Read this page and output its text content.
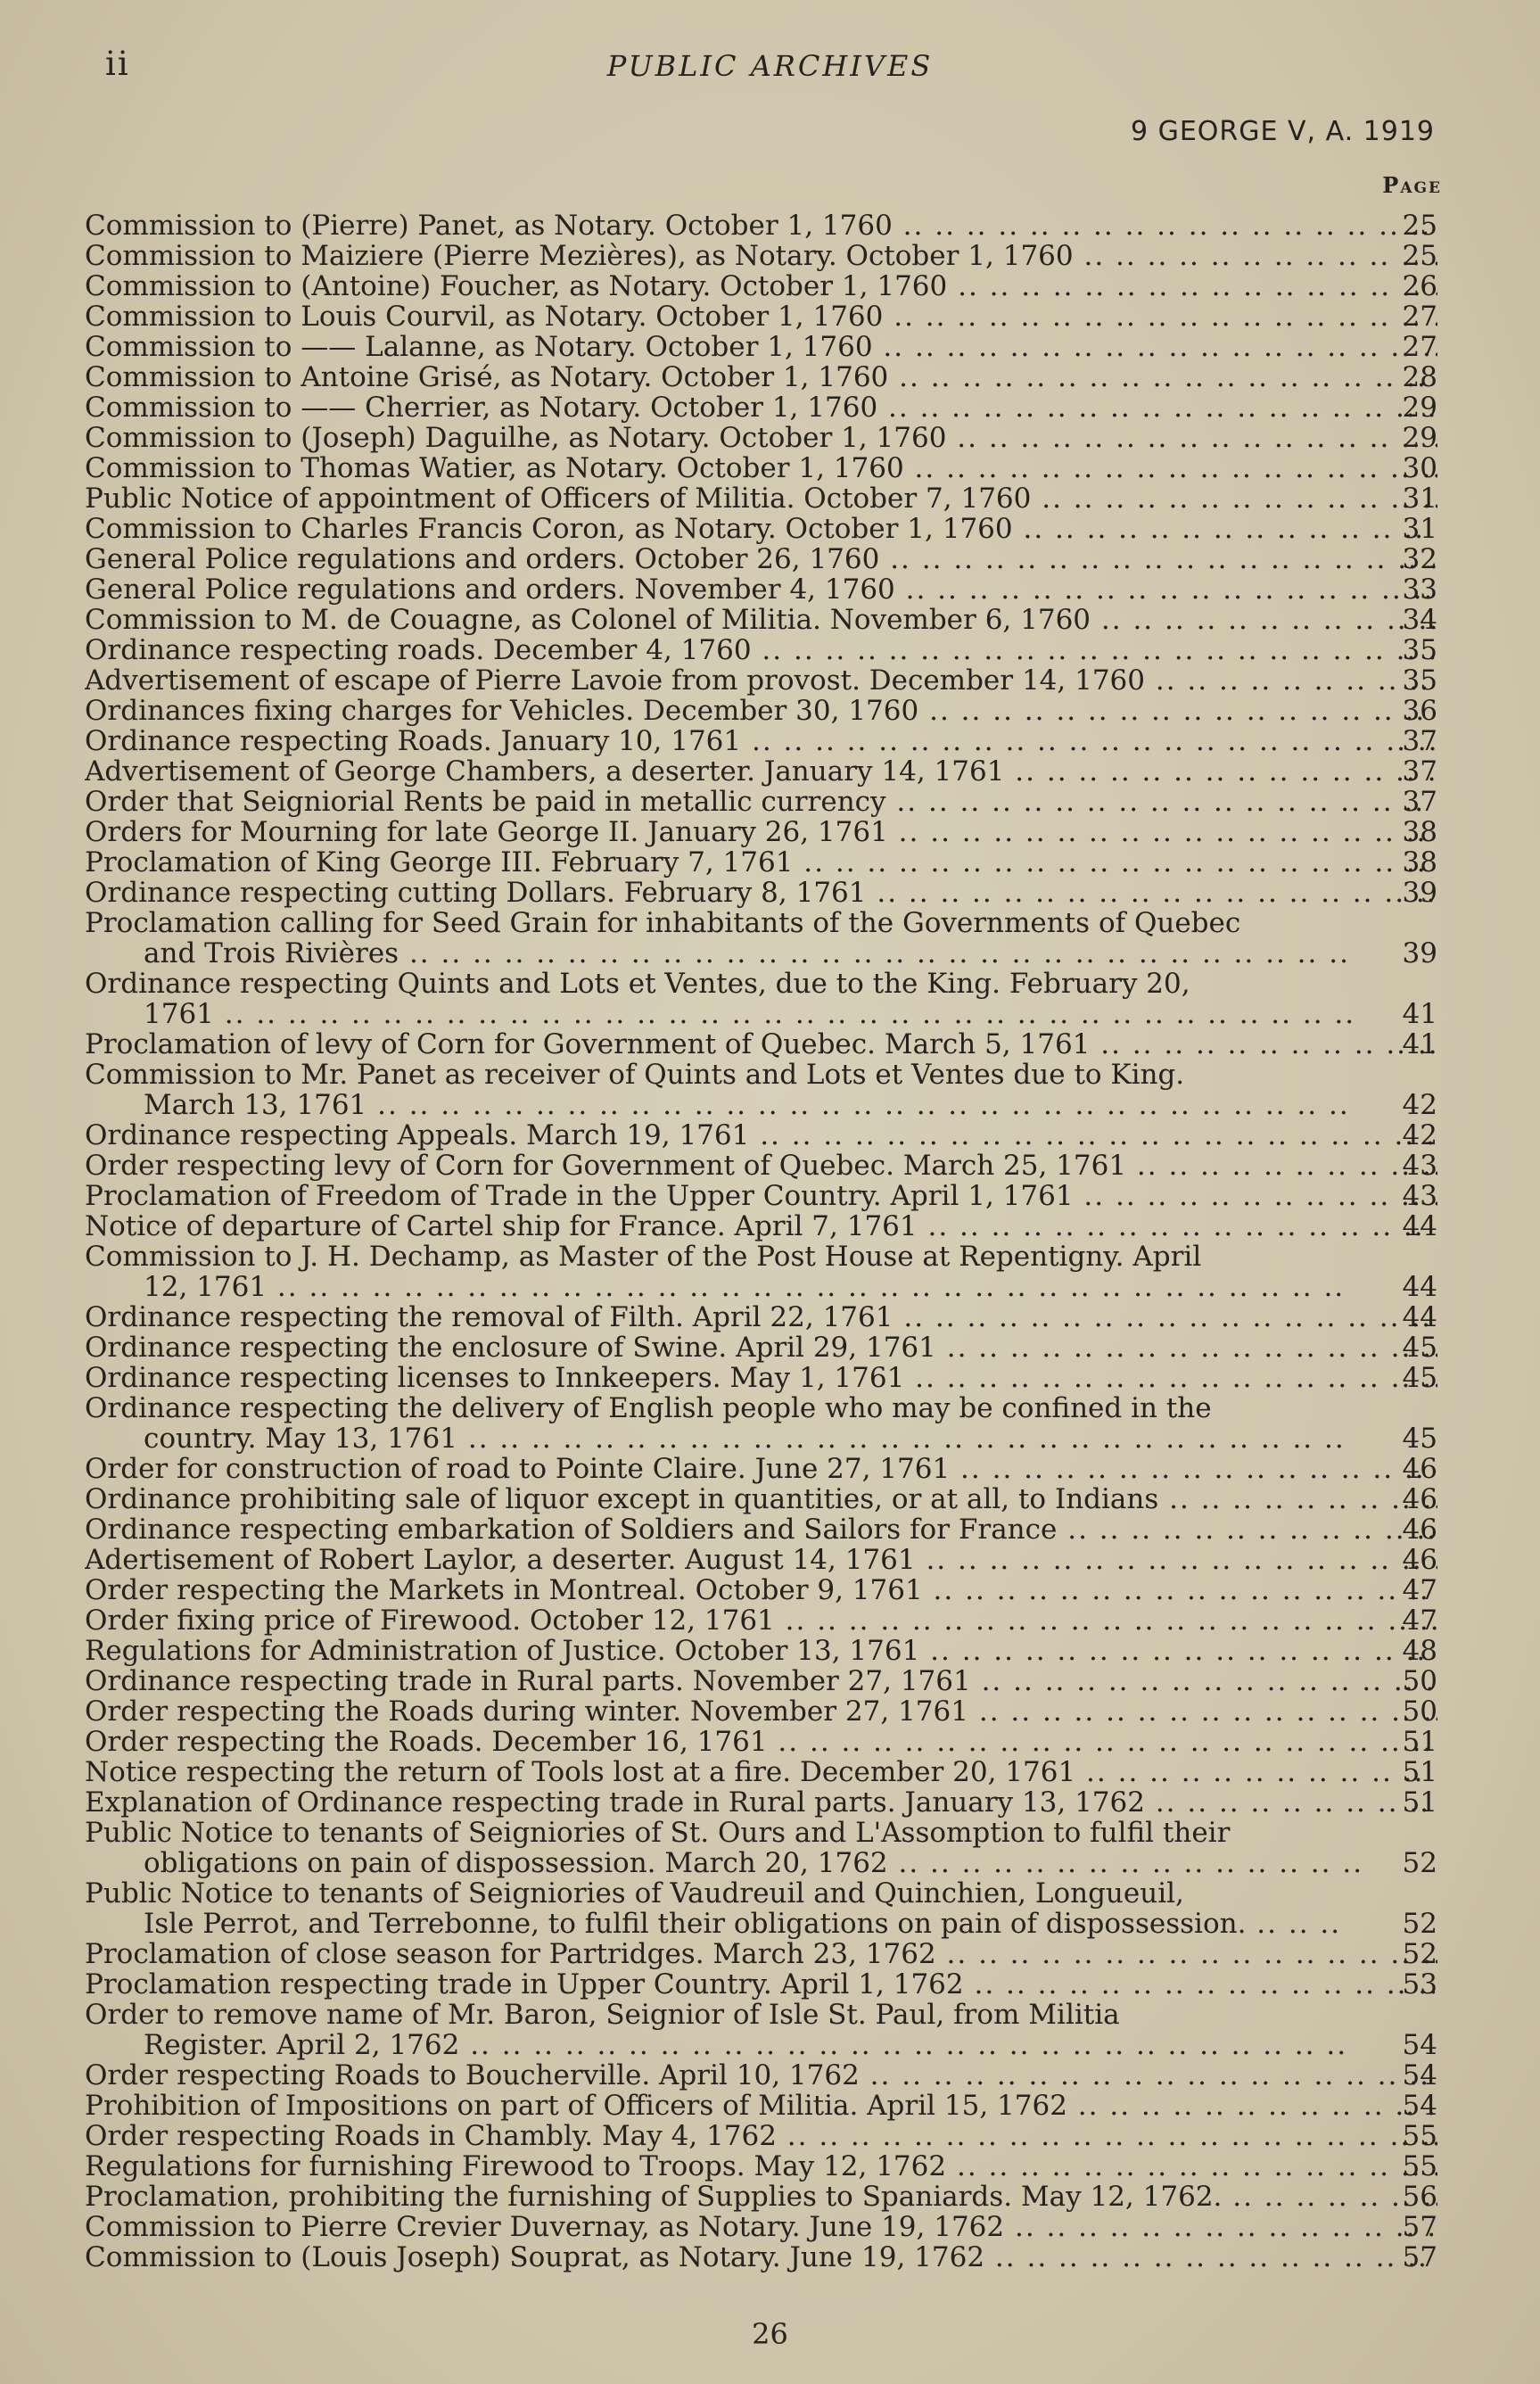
ii	PUBLIC ARCHIVES
9 GEORGE V, A. 1919
Page
Commission to (Pierre) Panet, as Notary. October 1, 1760 .. ..	25
Commission to Maiziere (Pierre Mezières), as Notary. October 1, 1760 .. ..	25
Commission to (Antoine) Foucher, as Notary. October 1, 1760 .. ..	26
Commission to Louis Courvil, as Notary. October 1, 1760 .. ..	27
Commission to —— Lalanne, as Notary. October 1, 1760 .. ..	27
Commission to Antoine Grisé, as Notary. October 1, 1760 .. ..	28
Commission to —— Cherrier, as Notary. October 1, 1760 .. ..	29
Commission to (Joseph) Daguilhe, as Notary. October 1, 1760 .. ..	29
Commission to Thomas Watier, as Notary. October 1, 1760 .. ..	30
Public Notice of appointment of Officers of Militia. October 7, 1760 .. ..	31
Commission to Charles Francis Coron, as Notary. October 1, 1760 .. ..	31
General Police regulations and orders. October 26, 1760 .. ..	32
General Police regulations and orders. November 4, 1760 .. ..	33
Commission to M. de Couagne, as Colonel of Militia. November 6, 1760 .. ..	34
Ordinance respecting roads. December 4, 1760 .. ..	35
Advertisement of escape of Pierre Lavoie from provost. December 14, 1760 .. ..	35
Ordinances fixing charges for Vehicles. December 30, 1760 .. ..	36
Ordinance respecting Roads. January 10, 1761 .. ..	37
Advertisement of George Chambers, a deserter. January 14, 1761 .. ..	37
Order that Seigniorial Rents be paid in metallic currency .. ..	37
Orders for Mourning for late George II. January 26, 1761 .. ..	38
Proclamation of King George III. February 7, 1761 .. ..	38
Ordinance respecting cutting Dollars. February 8, 1761 .. ..	39
Proclamation calling for Seed Grain for inhabitants of the Governments of Quebec
and Trois Rivières .. ..	39
Ordinance respecting Quints and Lots et Ventes, due to the King. February 20,
1761 .. ..	41
Proclamation of levy of Corn for Government of Quebec. March 5, 1761 .. ..	41
Commission to Mr. Panet as receiver of Quints and Lots et Ventes due to King.
March 13, 1761 .. ..	42
Ordinance respecting Appeals. March 19, 1761 .. ..	42
Order respecting levy of Corn for Government of Quebec. March 25, 1761 .. ..	43
Proclamation of Freedom of Trade in the Upper Country. April 1, 1761 .. ..	43
Notice of departure of Cartel ship for France. April 7, 1761 .. ..	44
Commission to J. H. Dechamp, as Master of the Post House at Repentigny. April
12, 1761 .. ..	44
Ordinance respecting the removal of Filth. April 22, 1761 .. ..	44
Ordinance respecting the enclosure of Swine. April 29, 1761 .. ..	45
Ordinance respecting licenses to Innkeepers. May 1, 1761 .. ..	45
Ordinance respecting the delivery of English people who may be confined in the
country. May 13, 1761 .. ..	45
Order for construction of road to Pointe Claire. June 27, 1761 .. ..	46
Ordinance prohibiting sale of liquor except in quantities, or at all, to Indians .. ..	46
Ordinance respecting embarkation of Soldiers and Sailors for France .. ..	46
Adertisement of Robert Laylor, a deserter. August 14, 1761 .. ..	46
Order respecting the Markets in Montreal. October 9, 1761 .. ..	47
Order fixing price of Firewood. October 12, 1761 .. ..	47
Regulations for Administration of Justice. October 13, 1761 .. ..	48
Ordinance respecting trade in Rural parts. November 27, 1761 .. ..	50
Order respecting the Roads during winter. November 27, 1761 .. ..	50
Order respecting the Roads. December 16, 1761 .. ..	51
Notice respecting the return of Tools lost at a fire. December 20, 1761 .. ..	51
Explanation of Ordinance respecting trade in Rural parts. January 13, 1762 .. ..	51
Public Notice to tenants of Seigniories of St. Ours and L'Assomption to fulfil their
obligations on pain of dispossession. March 20, 1762 .. ..	52
Public Notice to tenants of Seigniories of Vaudreuil and Quinchien, Longueuil,
Isle Perrot, and Terrebonne, to fulfil their obligations on pain of dispossession. .. ..	52
Proclamation of close season for Partridges. March 23, 1762 .. ..	52
Proclamation respecting trade in Upper Country. April 1, 1762 .. ..	53
Order to remove name of Mr. Baron, Seignior of Isle St. Paul, from Militia
Register. April 2, 1762 .. ..	54
Order respecting Roads to Boucherville. April 10, 1762 .. ..	54
Prohibition of Impositions on part of Officers of Militia. April 15, 1762 .. ..	54
Order respecting Roads in Chambly. May 4, 1762 .. ..	55
Regulations for furnishing Firewood to Troops. May 12, 1762 .. ..	55
Proclamation, prohibiting the furnishing of Supplies to Spaniards. May 12, 1762. .. ..	56
Commission to Pierre Crevier Duvernay, as Notary. June 19, 1762 .. ..	57
Commission to (Louis Joseph) Souprat, as Notary. June 19, 1762 .. ..	57
26
